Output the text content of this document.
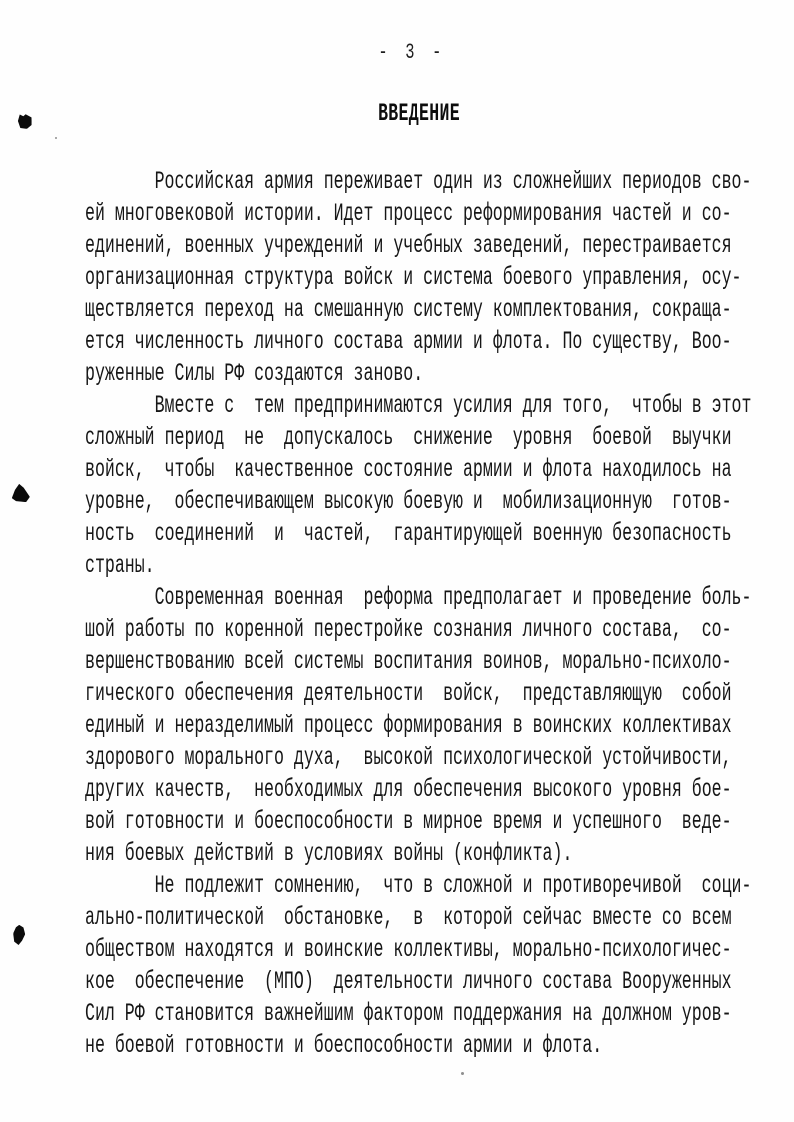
- 3 -
ВВЕДЕНИЕ
Российская армия переживает один из сложнейших периодов сво-
ей многовековой истории. Идет процесс реформирования частей и со-
единений, военных учреждений и учебных заведений, перестраивается
организационная структура войск и система боевого управления, осу-
ществляется переход на смешанную систему комплектования, сокраща-
ется численность личного состава армии и флота. По существу, Воо-
руженные Силы РФ создаются заново.
Вместе с  тем предпринимаются усилия для того,  чтобы в этот
сложный период  не  допускалось  снижение  уровня  боевой  выучки
войск,  чтобы  качественное состояние армии и флота находилось на
уровне,  обеспечивающем высокую боевую и  мобилизационную  готов-
ность  соединений  и  частей,  гарантирующей военную безопасность
страны.
Современная военная  реформа предполагает и проведение боль-
шой работы по коренной перестройке сознания личного состава,  со-
вершенствованию всей системы воспитания воинов, морально-психоло-
гического обеспечения деятельности  войск,  представляющую  собой
единый и неразделимый процесс формирования в воинских коллективах
здорового морального духа,  высокой психологической устойчивости,
других качеств,  необходимых для обеспечения высокого уровня бое-
вой готовности и боеспособности в мирное время и успешного  веде-
ния боевых действий в условиях войны (конфликта).
Не подлежит сомнению,  что в сложной и противоречивой  соци-
ально-политической  обстановке,  в  которой сейчас вместе со всем
обществом находятся и воинские коллективы, морально-психологичес-
кое  обеспечение  (МПО)  деятельности личного состава Вооруженных
Сил РФ становится важнейшим фактором поддержания на должном уров-
не боевой готовности и боеспособности армии и флота.
